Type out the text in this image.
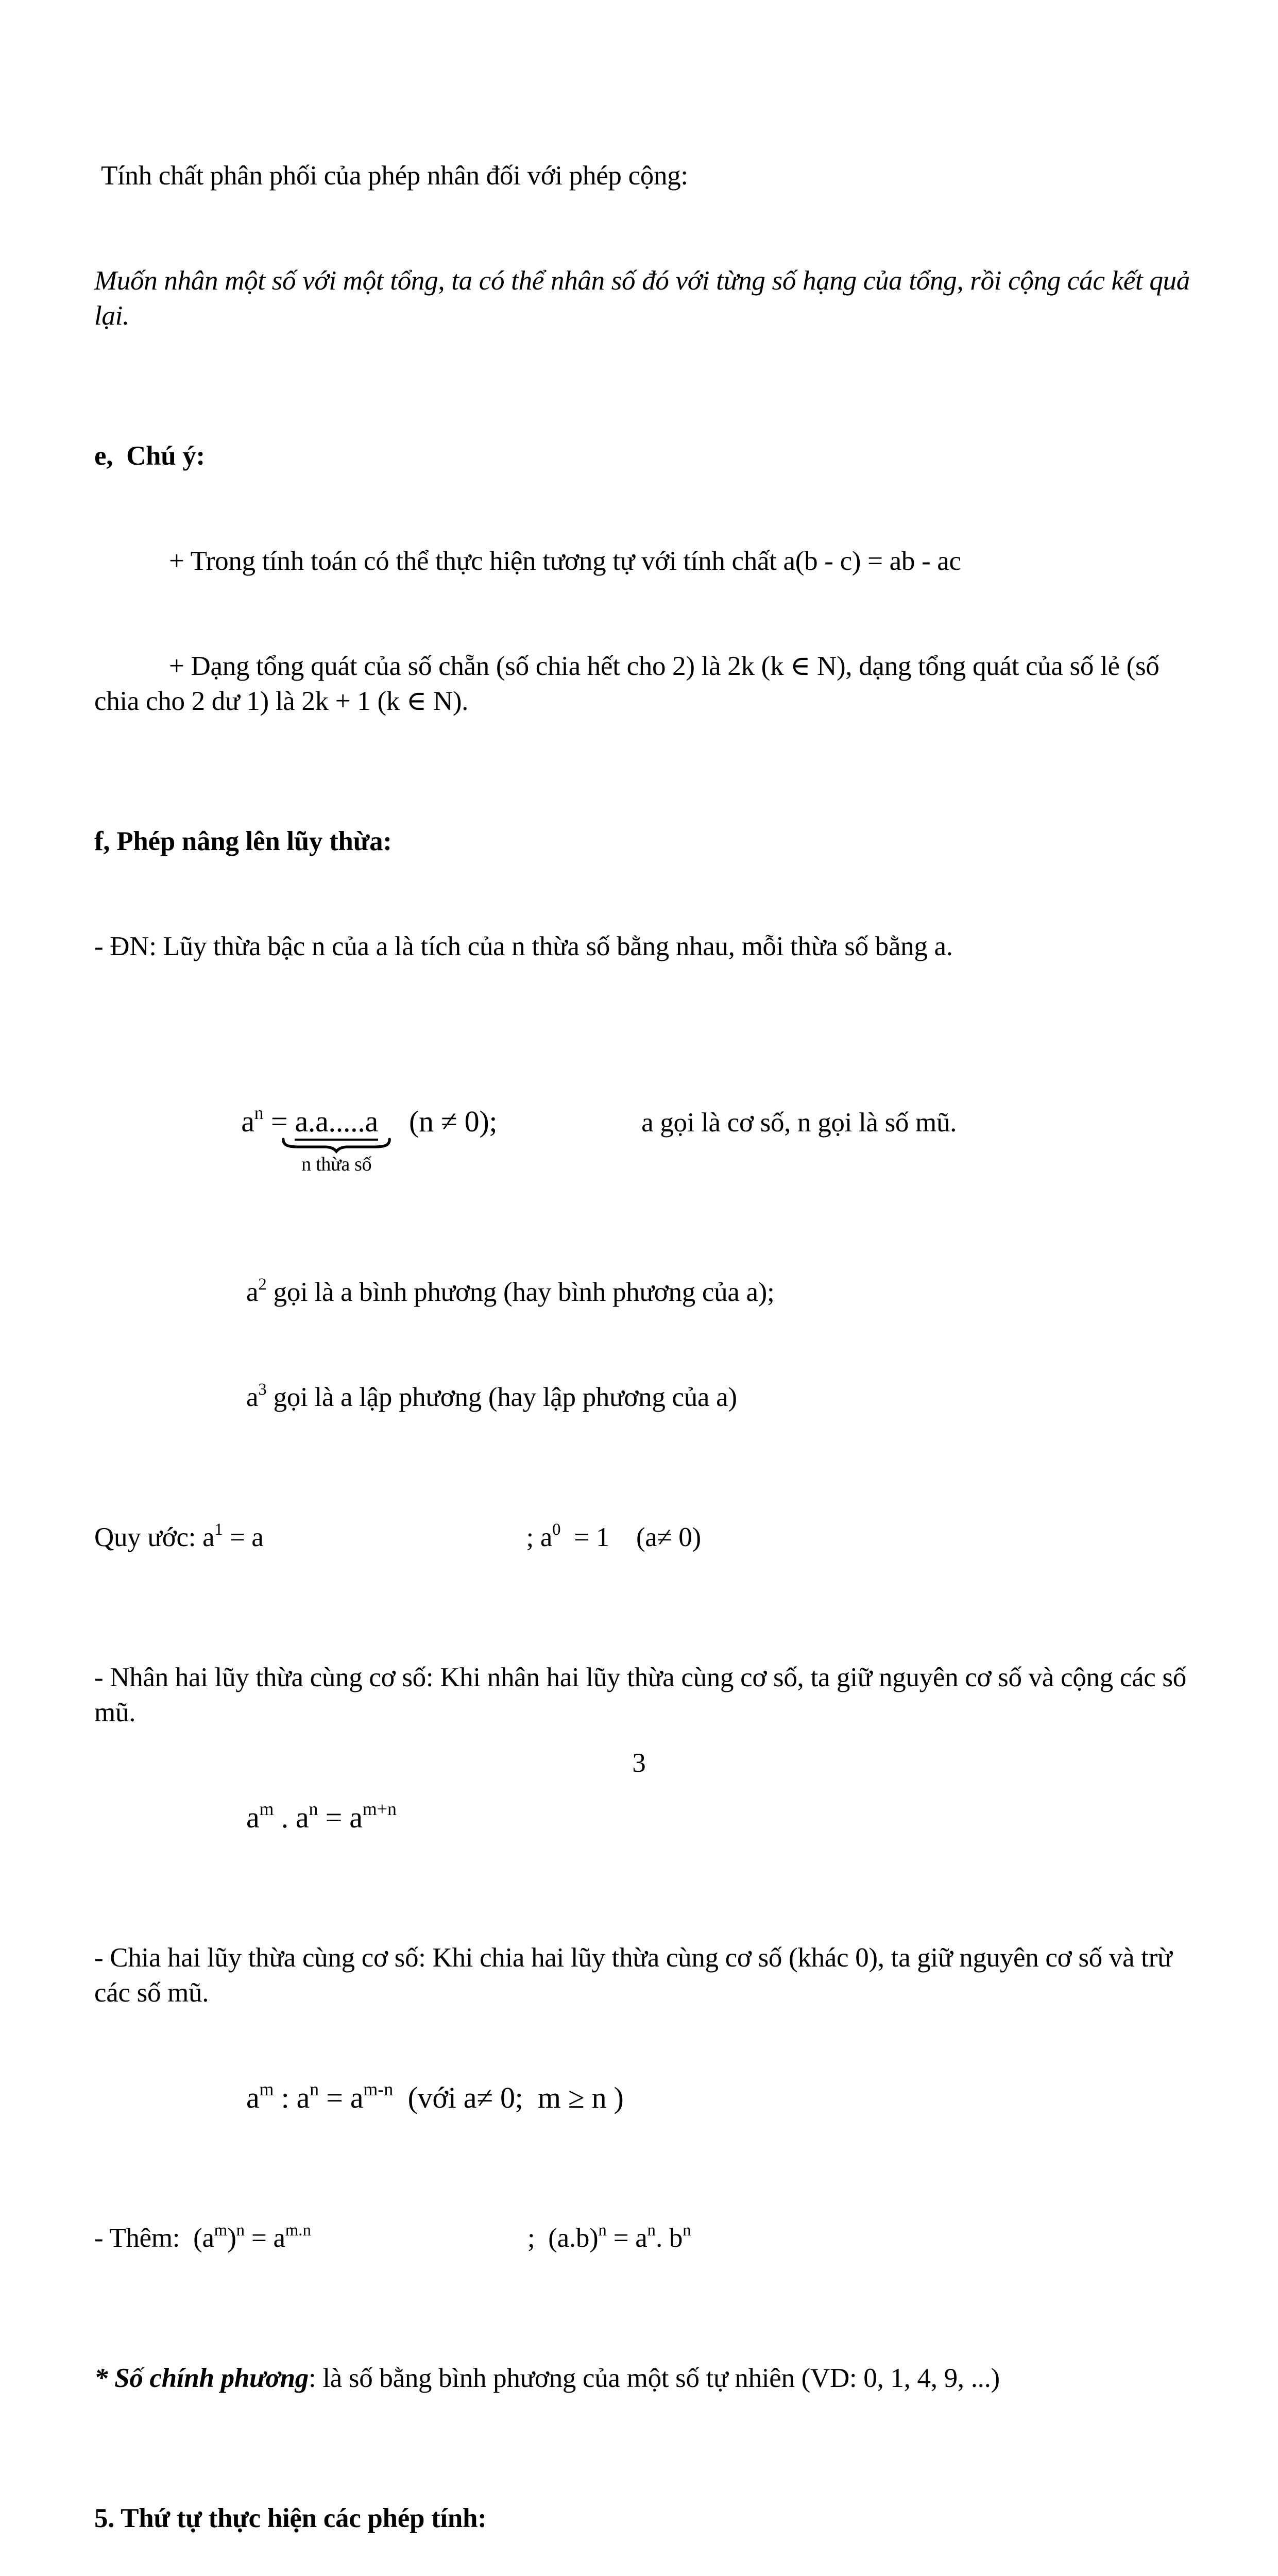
Tính chất phân phối của phép nhân đối với phép cộng:

Muốn nhân một số với một tổng, ta có thể nhân số đó với từng số hạng của tổng, rồi cộng các kết quả lại.

e,  Chú ý:

+ Trong tính toán có thể thực hiện tương tự với tính chất a(b - c) = ab - ac

+ Dạng tổng quát của số chẵn (số chia hết cho 2) là 2k (k ∈ N), dạng tổng quát của số lẻ (số chia cho 2 dư 1) là 2k + 1 (k ∈ N).

f, Phép nâng lên lũy thừa:

- ĐN: Lũy thừa bậc n của a là tích của n thừa số bằng nhau, mỗi thừa số bằng a.

$a^n = a.a.....a$
n thừa số
(n ≠ 0);	a gọi là cơ số, n gọi là số mũ.

$a^2$ gọi là a bình phương (hay bình phương của a);

$a^3$ gọi là a lập phương (hay lập phương của a)

Quy ước: $a^1 = a$	; $a^0 = 1$    (a≠ 0)

- Nhân hai lũy thừa cùng cơ số: Khi nhân hai lũy thừa cùng cơ số, ta giữ nguyên cơ số và cộng các số mũ.

$a^m$ . $a^n = a^{m+n}$

- Chia hai lũy thừa cùng cơ số: Khi chia hai lũy thừa cùng cơ số (khác 0), ta giữ nguyên cơ số và trừ các số mũ.

$a^m$ : $a^n = a^{m-n}$  (với a≠ 0;  m ≥ n )

- Thêm:  $(a^m)^n = a^{m.n}$	;  $(a.b)^n = a^n$. $b^n$

* Số chính phương: là số bằng bình phương của một số tự nhiên (VD: 0, 1, 4, 9, ...)

5. Thứ tự thực hiện các phép tính:

3
